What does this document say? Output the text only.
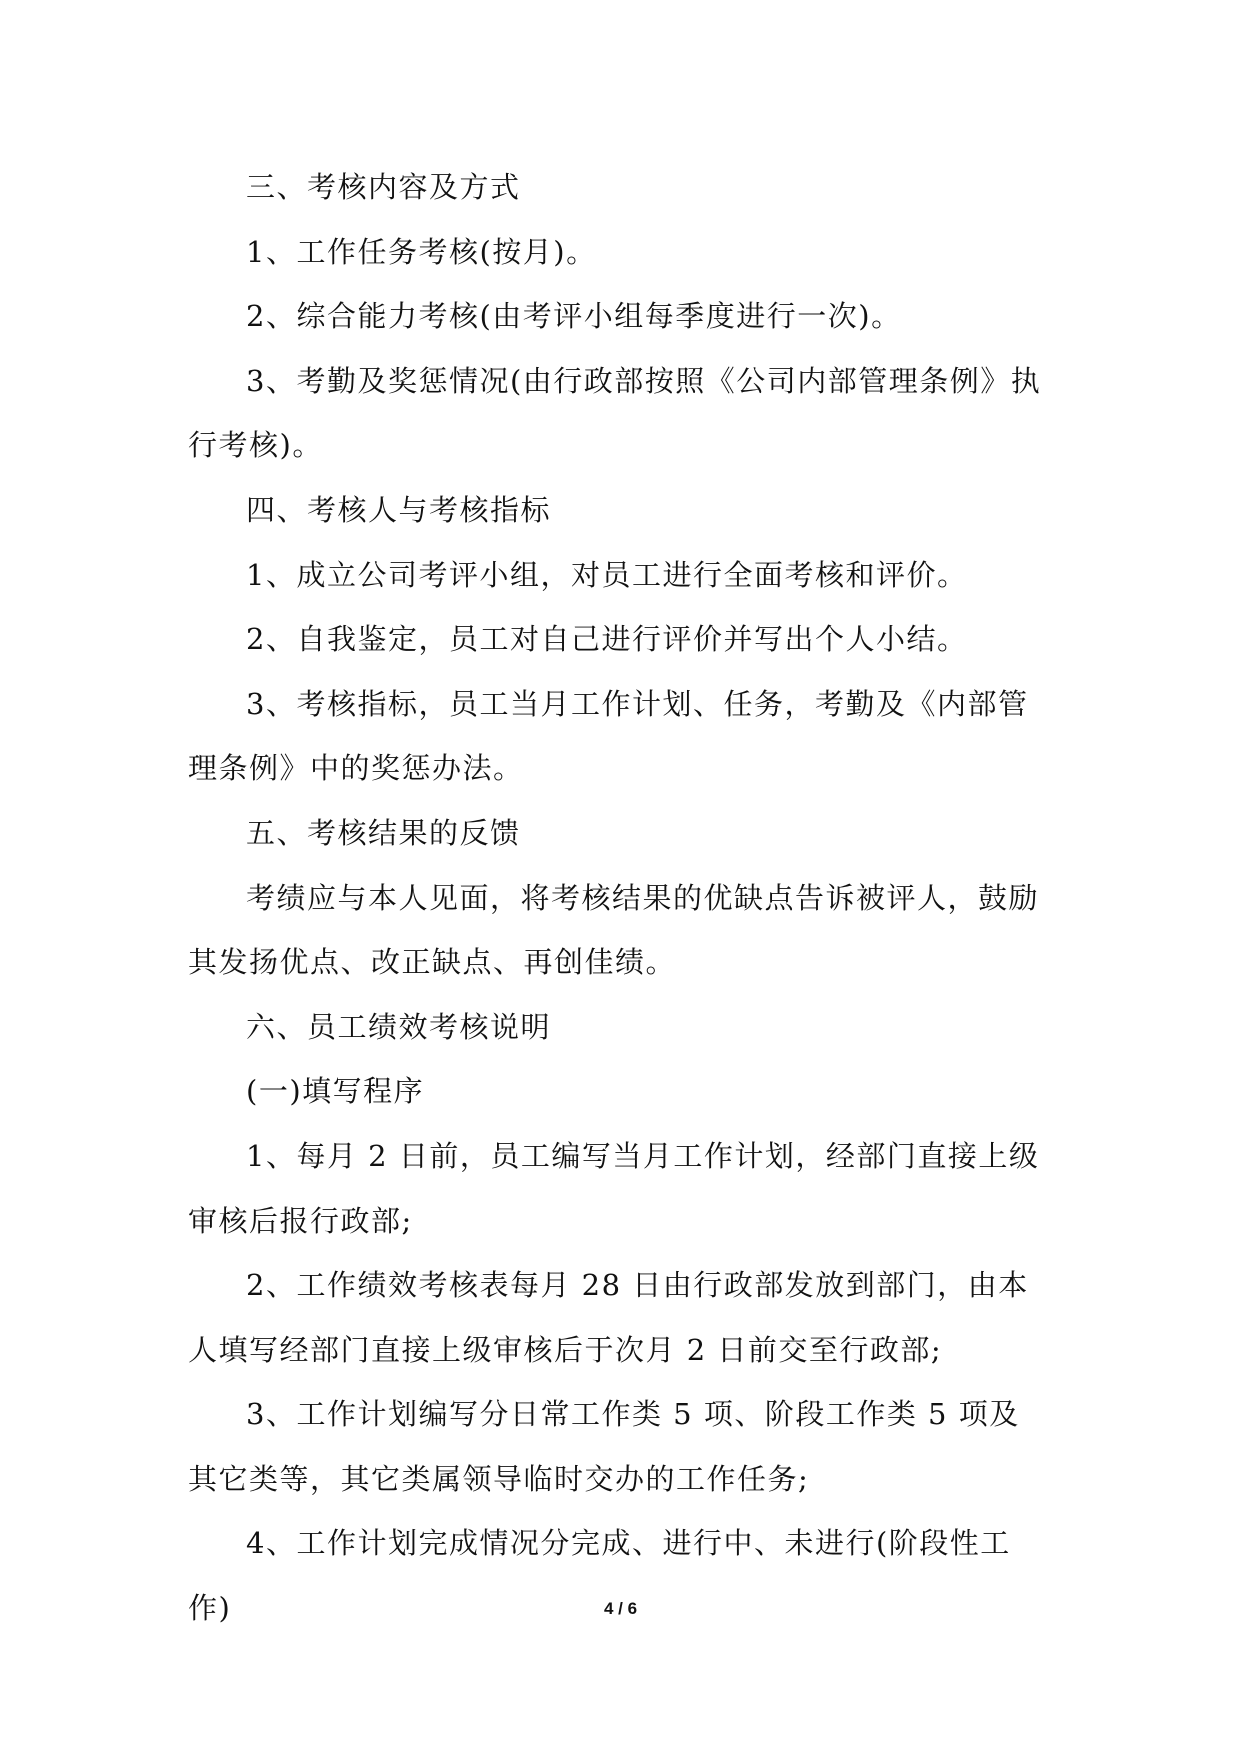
三、考核内容及方式

1、工作任务考核(按月)。

2、综合能力考核(由考评小组每季度进行一次)。

3、考勤及奖惩情况(由行政部按照《公司内部管理条例》执行考核)。

四、考核人与考核指标

1、成立公司考评小组，对员工进行全面考核和评价。

2、自我鉴定，员工对自己进行评价并写出个人小结。

3、考核指标，员工当月工作计划、任务，考勤及《内部管理条例》中的奖惩办法。

五、考核结果的反馈

考绩应与本人见面，将考核结果的优缺点告诉被评人，鼓励其发扬优点、改正缺点、再创佳绩。

六、员工绩效考核说明

(一)填写程序

1、每月 2 日前，员工编写当月工作计划，经部门直接上级审核后报行政部;

2、工作绩效考核表每月 28 日由行政部发放到部门，由本人填写经部门直接上级审核后于次月 2 日前交至行政部;

3、工作计划编写分日常工作类 5 项、阶段工作类 5 项及其它类等，其它类属领导临时交办的工作任务;

4、工作计划完成情况分完成、进行中、未进行(阶段性工作)	4 / 6
